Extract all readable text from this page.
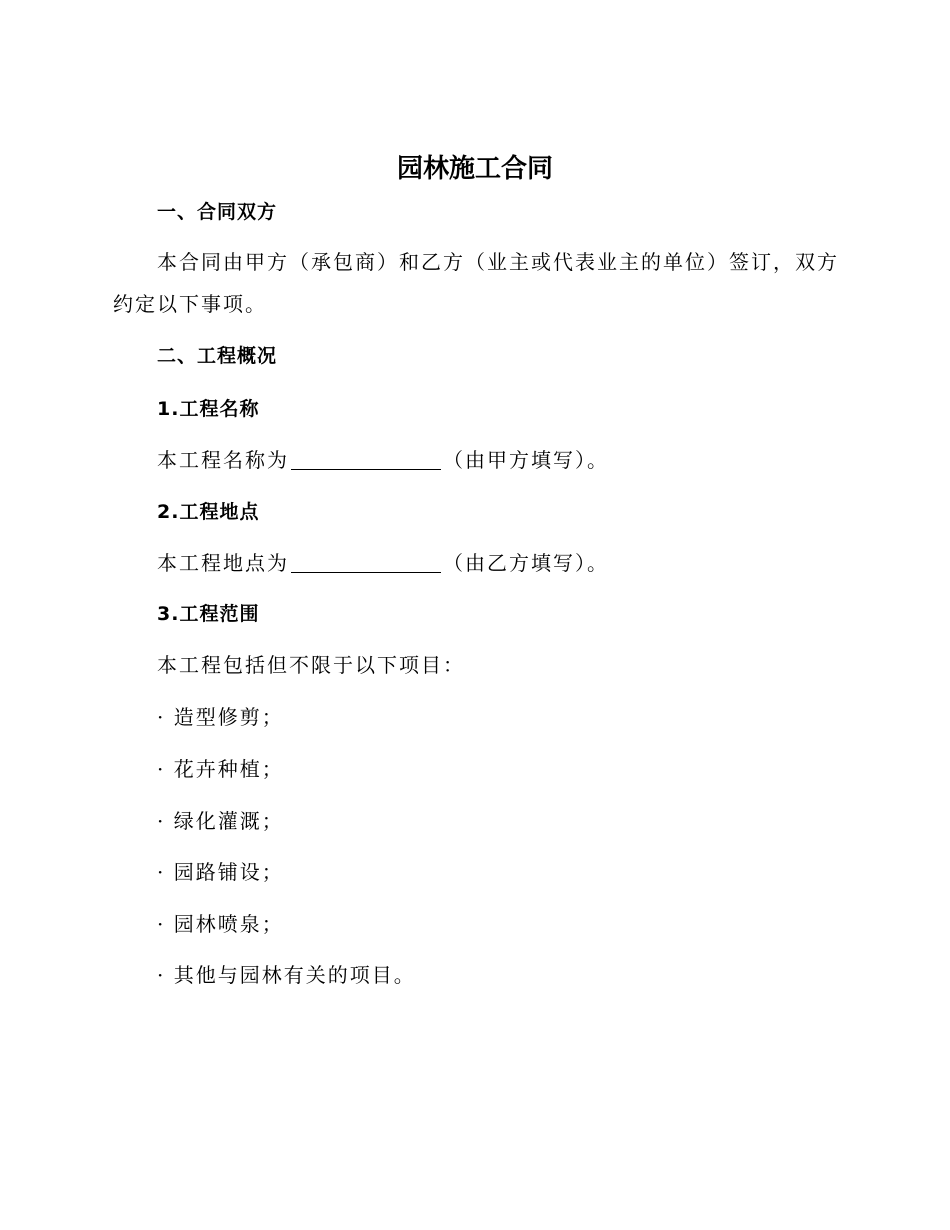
园林施工合同
一、合同双方
本合同由甲方（承包商）和乙方（业主或代表业主的单位）签订，双方
约定以下事项。
二、工程概况
1.工程名称
本工程名称为	（由甲方填写）。
2.工程地点
本工程地点为	（由乙方填写）。
3.工程范围
本工程包括但不限于以下项目：
· 造型修剪；
· 花卉种植；
· 绿化灌溉；
· 园路铺设；
· 园林喷泉；
· 其他与园林有关的项目。
